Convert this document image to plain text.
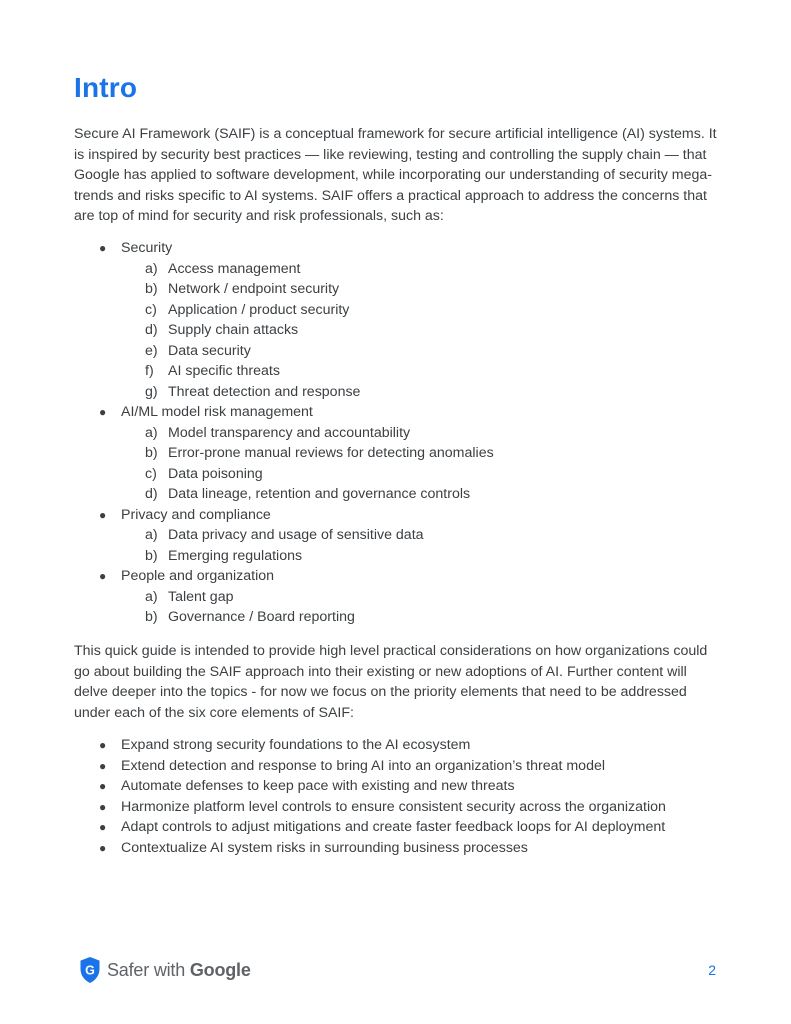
Intro

Secure AI Framework (SAIF) is a conceptual framework for secure artificial intelligence (AI) systems. It is inspired by security best practices — like reviewing, testing and controlling the supply chain — that Google has applied to software development, while incorporating our understanding of security mega-trends and risks specific to AI systems. SAIF offers a practical approach to address the concerns that are top of mind for security and risk professionals, such as:

● Security
a) Access management
b) Network / endpoint security
c) Application / product security
d) Supply chain attacks
e) Data security
f) AI specific threats
g) Threat detection and response
● AI/ML model risk management
a) Model transparency and accountability
b) Error-prone manual reviews for detecting anomalies
c) Data poisoning
d) Data lineage, retention and governance controls
● Privacy and compliance
a) Data privacy and usage of sensitive data
b) Emerging regulations
● People and organization
a) Talent gap
b) Governance / Board reporting

This quick guide is intended to provide high level practical considerations on how organizations could go about building the SAIF approach into their existing or new adoptions of AI. Further content will delve deeper into the topics - for now we focus on the priority elements that need to be addressed under each of the six core elements of SAIF:

● Expand strong security foundations to the AI ecosystem
● Extend detection and response to bring AI into an organization’s threat model
● Automate defenses to keep pace with existing and new threats
● Harmonize platform level controls to ensure consistent security across the organization
● Adapt controls to adjust mitigations and create faster feedback loops for AI deployment
● Contextualize AI system risks in surrounding business processes
G Safer with Google	2
